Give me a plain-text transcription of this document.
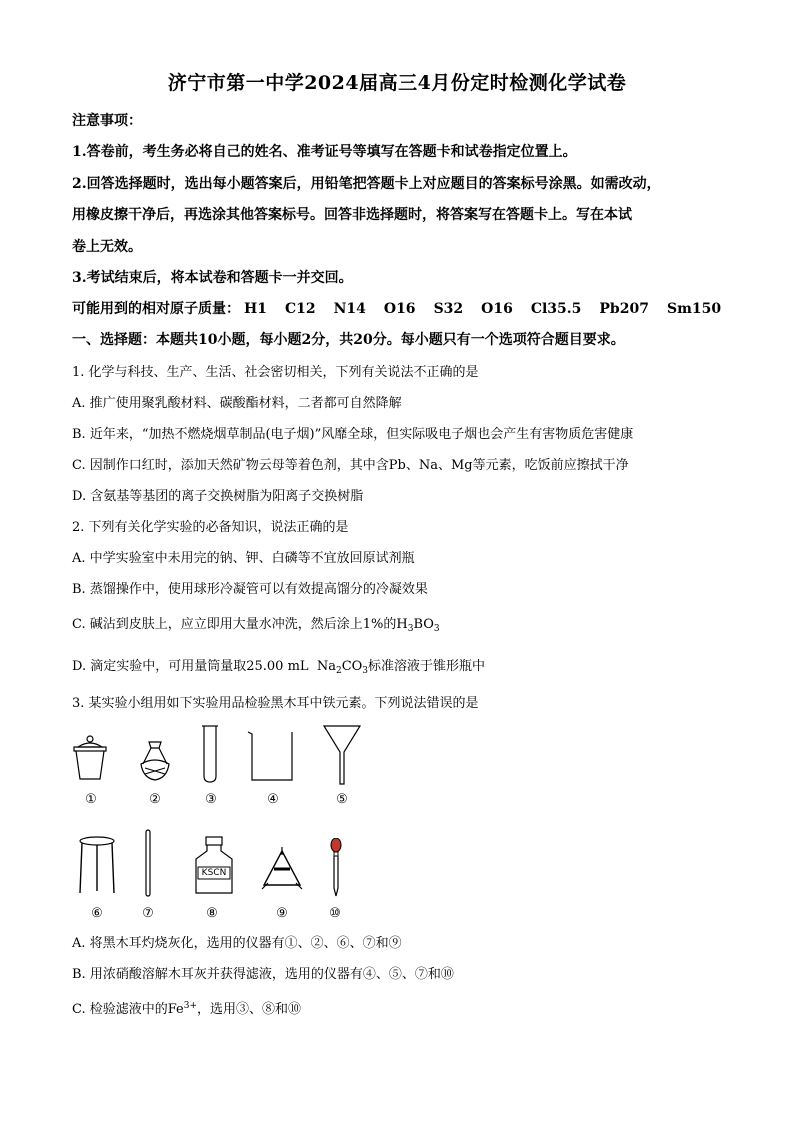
济宁市第一中学2024届高三4月份定时检测化学试卷
注意事项：
1.答卷前，考生务必将自己的姓名、准考证号等填写在答题卡和试卷指定位置上。
2.回答选择题时，选出每小题答案后，用铅笔把答题卡上对应题目的答案标号涂黑。如需改动，
用橡皮擦干净后，再选涂其他答案标号。回答非选择题时，将答案写在答题卡上。写在本试
卷上无效。
3.考试结束后，将本试卷和答题卡一并交回。
可能用到的相对原子质量： H1 C12 N14 O16 S32 O16 Cl35.5 Pb207 Sm150
一、选择题：本题共10小题，每小题2分，共20分。每小题只有一个选项符合题目要求。
1. 化学与科技、生产、生活、社会密切相关，下列有关说法不正确的是
A. 推广使用聚乳酸材料、碳酸酯材料，二者都可自然降解
B. 近年来，“加热不燃烧烟草制品(电子烟)”风靡全球，但实际吸电子烟也会产生有害物质危害健康
C. 因制作口红时，添加天然矿物云母等着色剂，其中含Pb、Na、Mg等元素，吃饭前应擦拭干净
D. 含氨基等基团的离子交换树脂为阳离子交换树脂
2. 下列有关化学实验的必备知识，说法正确的是
A. 中学实验室中未用完的钠、钾、白磷等不宜放回原试剂瓶
B. 蒸馏操作中，使用球形冷凝管可以有效提高馏分的冷凝效果
C. 碱沾到皮肤上，应立即用大量水冲洗，然后涂上1%的$H_3BO_3$
D. 滴定实验中，可用量筒量取25.00 mL $Na_2CO_3$标准溶液于锥形瓶中
3. 某实验小组用如下实验用品检验黑木耳中铁元素。下列说法错误的是
①	②	③	④	⑤
KSCN
⑥	⑦	⑧	⑨	⑩
A. 将黑木耳灼烧灰化，选用的仪器有①、②、⑥、⑦和⑨
B. 用浓硝酸溶解木耳灰并获得滤液，选用的仪器有④、⑤、⑦和⑩
C. 检验滤液中的$Fe^{3+}$，选用③、⑧和⑩
